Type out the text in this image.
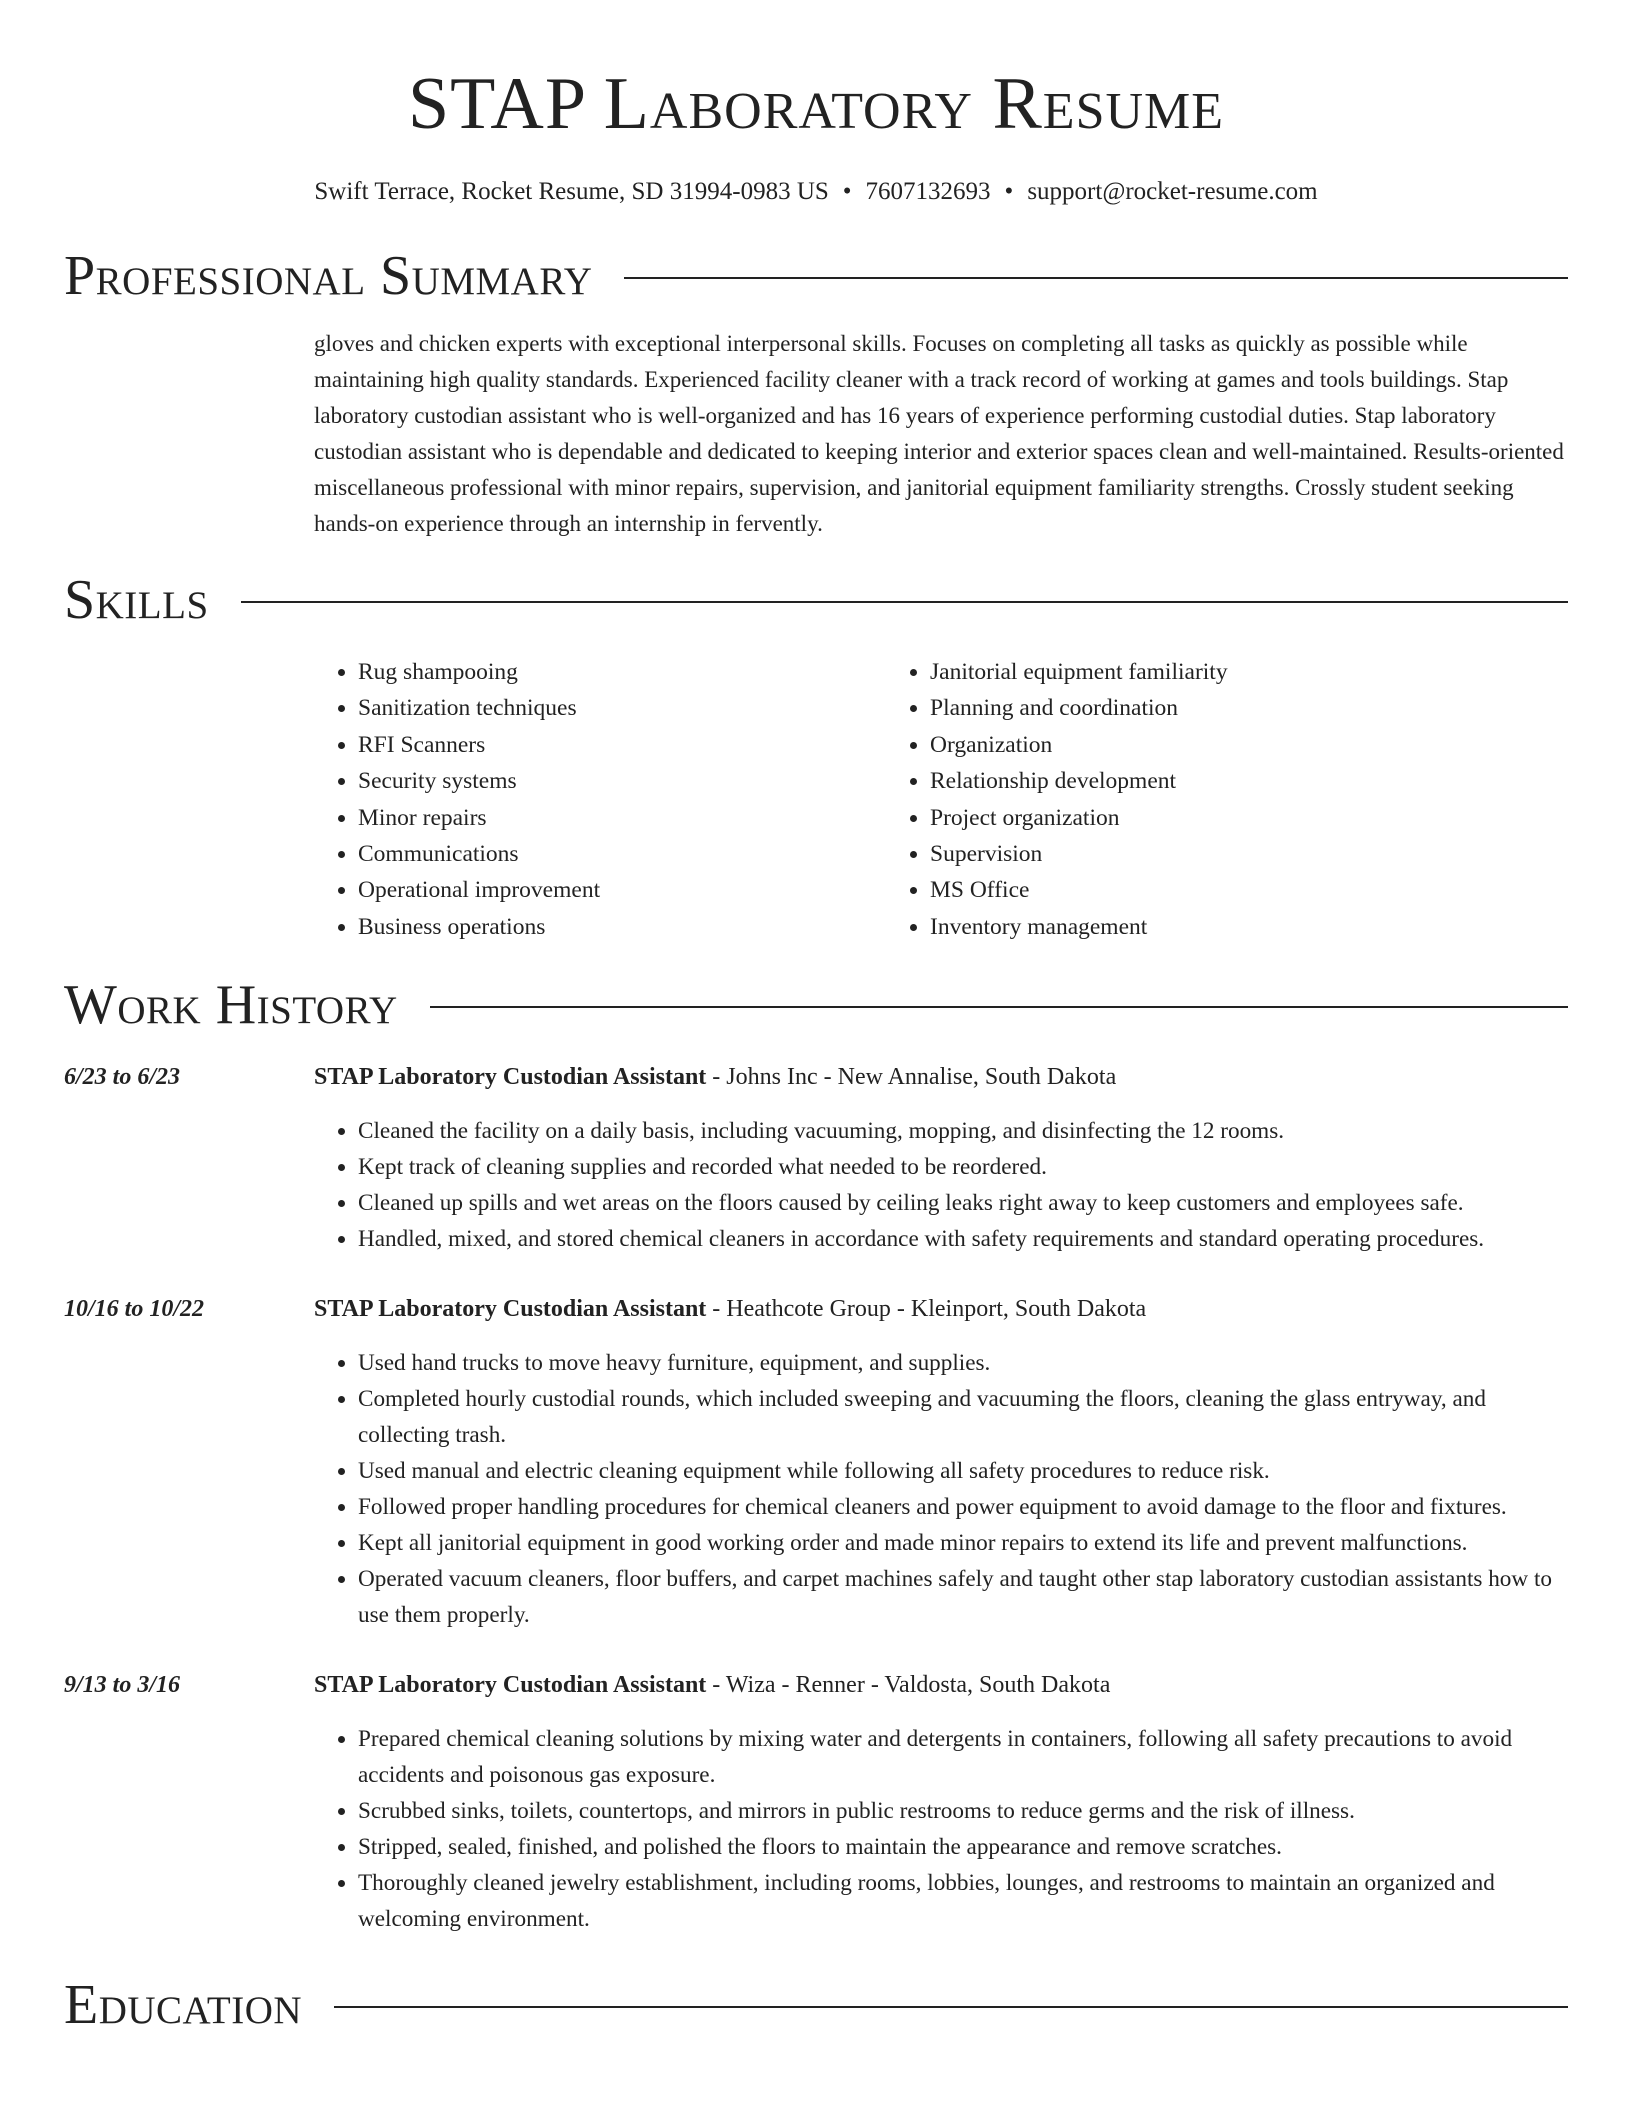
STAP Laboratory Resume
Swift Terrace, Rocket Resume, SD 31994-0983 US • 7607132693 • support@rocket-resume.com
Professional Summary
gloves and chicken experts with exceptional interpersonal skills. Focuses on completing all tasks as quickly as possible while maintaining high quality standards. Experienced facility cleaner with a track record of working at games and tools buildings. Stap laboratory custodian assistant who is well-organized and has 16 years of experience performing custodial duties. Stap laboratory custodian assistant who is dependable and dedicated to keeping interior and exterior spaces clean and well-maintained. Results-oriented miscellaneous professional with minor repairs, supervision, and janitorial equipment familiarity strengths. Crossly student seeking hands-on experience through an internship in fervently.
Skills
• Rug shampooing
• Sanitization techniques
• RFI Scanners
• Security systems
• Minor repairs
• Communications
• Operational improvement
• Business operations
• Janitorial equipment familiarity
• Planning and coordination
• Organization
• Relationship development
• Project organization
• Supervision
• MS Office
• Inventory management
Work History
6/23 to 6/23	STAP Laboratory Custodian Assistant - Johns Inc - New Annalise, South Dakota
• Cleaned the facility on a daily basis, including vacuuming, mopping, and disinfecting the 12 rooms.
• Kept track of cleaning supplies and recorded what needed to be reordered.
• Cleaned up spills and wet areas on the floors caused by ceiling leaks right away to keep customers and employees safe.
• Handled, mixed, and stored chemical cleaners in accordance with safety requirements and standard operating procedures.
10/16 to 10/22	STAP Laboratory Custodian Assistant - Heathcote Group - Kleinport, South Dakota
• Used hand trucks to move heavy furniture, equipment, and supplies.
• Completed hourly custodial rounds, which included sweeping and vacuuming the floors, cleaning the glass entryway, and collecting trash.
• Used manual and electric cleaning equipment while following all safety procedures to reduce risk.
• Followed proper handling procedures for chemical cleaners and power equipment to avoid damage to the floor and fixtures.
• Kept all janitorial equipment in good working order and made minor repairs to extend its life and prevent malfunctions.
• Operated vacuum cleaners, floor buffers, and carpet machines safely and taught other stap laboratory custodian assistants how to use them properly.
9/13 to 3/16	STAP Laboratory Custodian Assistant - Wiza - Renner - Valdosta, South Dakota
• Prepared chemical cleaning solutions by mixing water and detergents in containers, following all safety precautions to avoid accidents and poisonous gas exposure.
• Scrubbed sinks, toilets, countertops, and mirrors in public restrooms to reduce germs and the risk of illness.
• Stripped, sealed, finished, and polished the floors to maintain the appearance and remove scratches.
• Thoroughly cleaned jewelry establishment, including rooms, lobbies, lounges, and restrooms to maintain an organized and welcoming environment.
Education
